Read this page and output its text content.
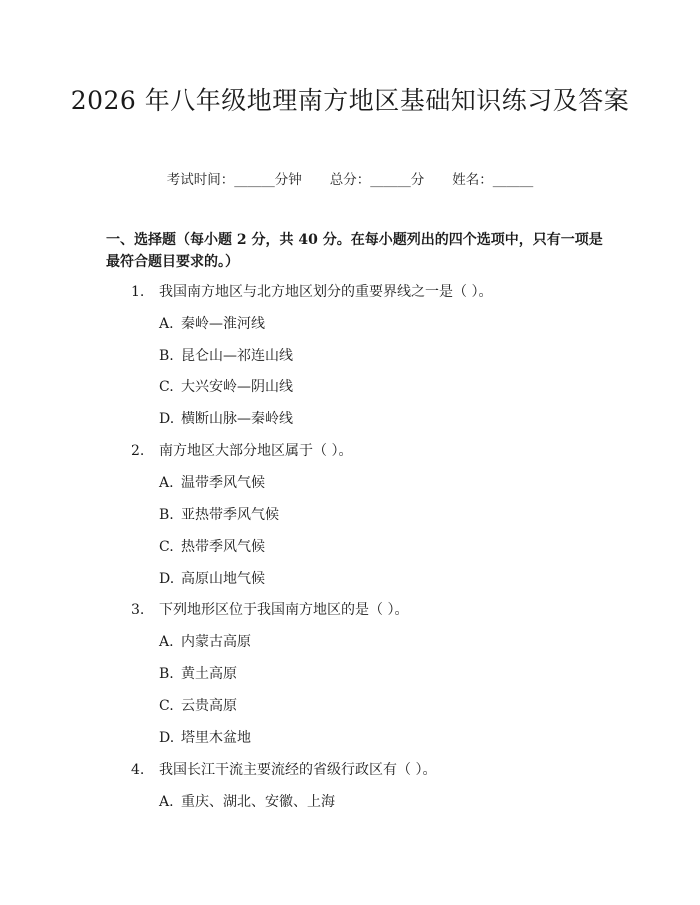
2026 年八年级地理南方地区基础知识练习及答案
考试时间：______分钟 总分：______分 姓名：______
一、选择题（每小题 2 分，共 40 分。在每小题列出的四个选项中，只有一项是最符合题目要求的。）
1. 我国南方地区与北方地区划分的重要界线之一是（ ）。
A. 秦岭—淮河线
B. 昆仑山—祁连山线
C. 大兴安岭—阴山线
D. 横断山脉—秦岭线
2. 南方地区大部分地区属于（ ）。
A. 温带季风气候
B. 亚热带季风气候
C. 热带季风气候
D. 高原山地气候
3. 下列地形区位于我国南方地区的是（ ）。
A. 内蒙古高原
B. 黄土高原
C. 云贵高原
D. 塔里木盆地
4. 我国长江干流主要流经的省级行政区有（ ）。
A. 重庆、湖北、安徽、上海
